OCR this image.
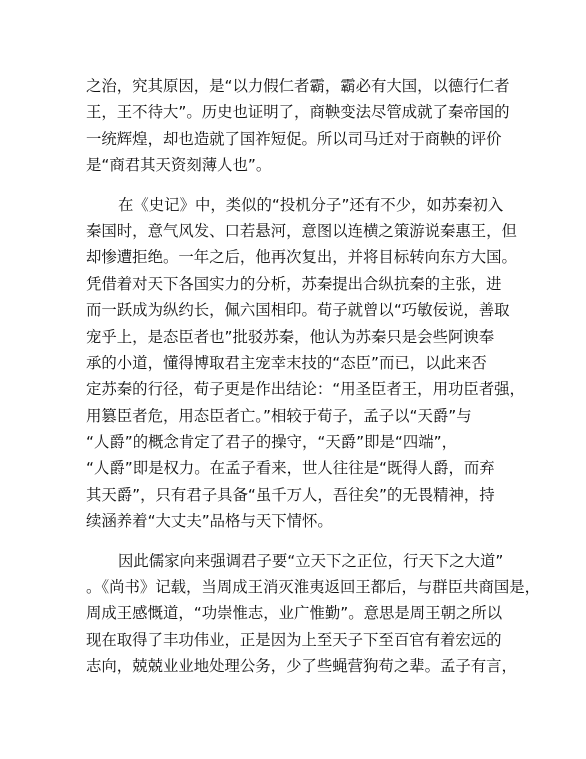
之治，究其原因，是“以力假仁者霸，霸必有大国，以德行仁者
王，王不待大”。历史也证明了，商鞅变法尽管成就了秦帝国的
一统辉煌，却也造就了国祚短促。所以司马迁对于商鞅的评价
是“商君其天资刻薄人也”。
在《史记》中，类似的“投机分子”还有不少，如苏秦初入
秦国时，意气风发、口若悬河，意图以连横之策游说秦惠王，但
却惨遭拒绝。一年之后，他再次复出，并将目标转向东方大国。
凭借着对天下各国实力的分析，苏秦提出合纵抗秦的主张，进
而一跃成为纵约长，佩六国相印。荀子就曾以“巧敏佞说，善取
宠乎上，是态臣者也”批驳苏秦，他认为苏秦只是会些阿谀奉
承的小道，懂得博取君主宠幸末技的“态臣”而已，以此来否
定苏秦的行径，荀子更是作出结论：“用圣臣者王，用功臣者强，
用篡臣者危，用态臣者亡。”相较于荀子，孟子以“天爵”与
“人爵”的概念肯定了君子的操守，“天爵”即是“四端”，
“人爵”即是权力。在孟子看来，世人往往是“既得人爵，而弃
其天爵”，只有君子具备“虽千万人，吾往矣”的无畏精神，持
续涵养着“大丈夫”品格与天下情怀。
因此儒家向来强调君子要“立天下之正位，行天下之大道”
。《尚书》记载，当周成王消灭淮夷返回王都后，与群臣共商国是，
周成王感慨道，“功崇惟志，业广惟勤”。意思是周王朝之所以
现在取得了丰功伟业，正是因为上至天子下至百官有着宏远的
志向，兢兢业业地处理公务，少了些蝇营狗苟之辈。孟子有言，
